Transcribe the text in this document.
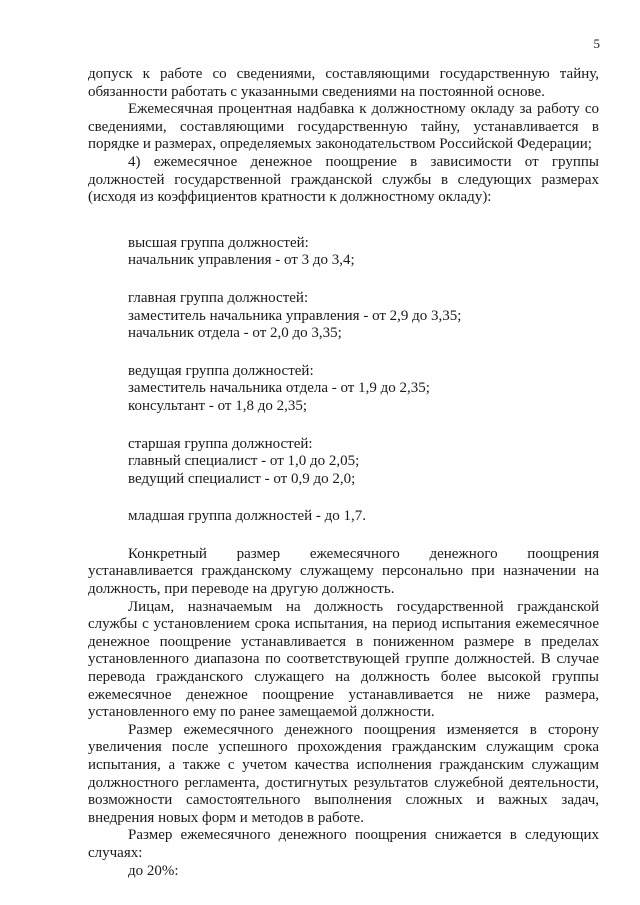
5

допуск к работе со сведениями, составляющими государственную тайну, обязанности работать с указанными сведениями на постоянной основе.

Ежемесячная процентная надбавка к должностному окладу за работу со сведениями, составляющими государственную тайну, устанавливается в порядке и размерах, определяемых законодательством Российской Федерации;

4) ежемесячное денежное поощрение в зависимости от группы должностей государственной гражданской службы в следующих размерах (исходя из коэффициентов кратности к должностному окладу):

высшая группа должностей:
начальник управления - от 3 до 3,4;
главная группа должностей:
заместитель начальника управления - от 2,9 до 3,35;
начальник отдела - от 2,0 до 3,35;
ведущая группа должностей:
заместитель начальника отдела - от 1,9 до 2,35;
консультант - от 1,8 до 2,35;
старшая группа должностей:
главный специалист - от 1,0 до 2,05;
ведущий специалист - от 0,9 до 2,0;
младшая группа должностей - до 1,7.

Конкретный размер ежемесячного денежного поощрения устанавливается гражданскому служащему персонально при назначении на должность, при переводе на другую должность.

Лицам, назначаемым на должность государственной гражданской службы с установлением срока испытания, на период испытания ежемесячное денежное поощрение устанавливается в пониженном размере в пределах установленного диапазона по соответствующей группе должностей. В случае перевода гражданского служащего на должность более высокой группы ежемесячное денежное поощрение устанавливается не ниже размера, установленного ему по ранее замещаемой должности.

Размер ежемесячного денежного поощрения изменяется в сторону увеличения после успешного прохождения гражданским служащим срока испытания, а также с учетом качества исполнения гражданским служащим должностного регламента, достигнутых результатов служебной деятельности, возможности самостоятельного выполнения сложных и важных задач, внедрения новых форм и методов в работе.

Размер ежемесячного денежного поощрения снижается в следующих случаях:

до 20%:
